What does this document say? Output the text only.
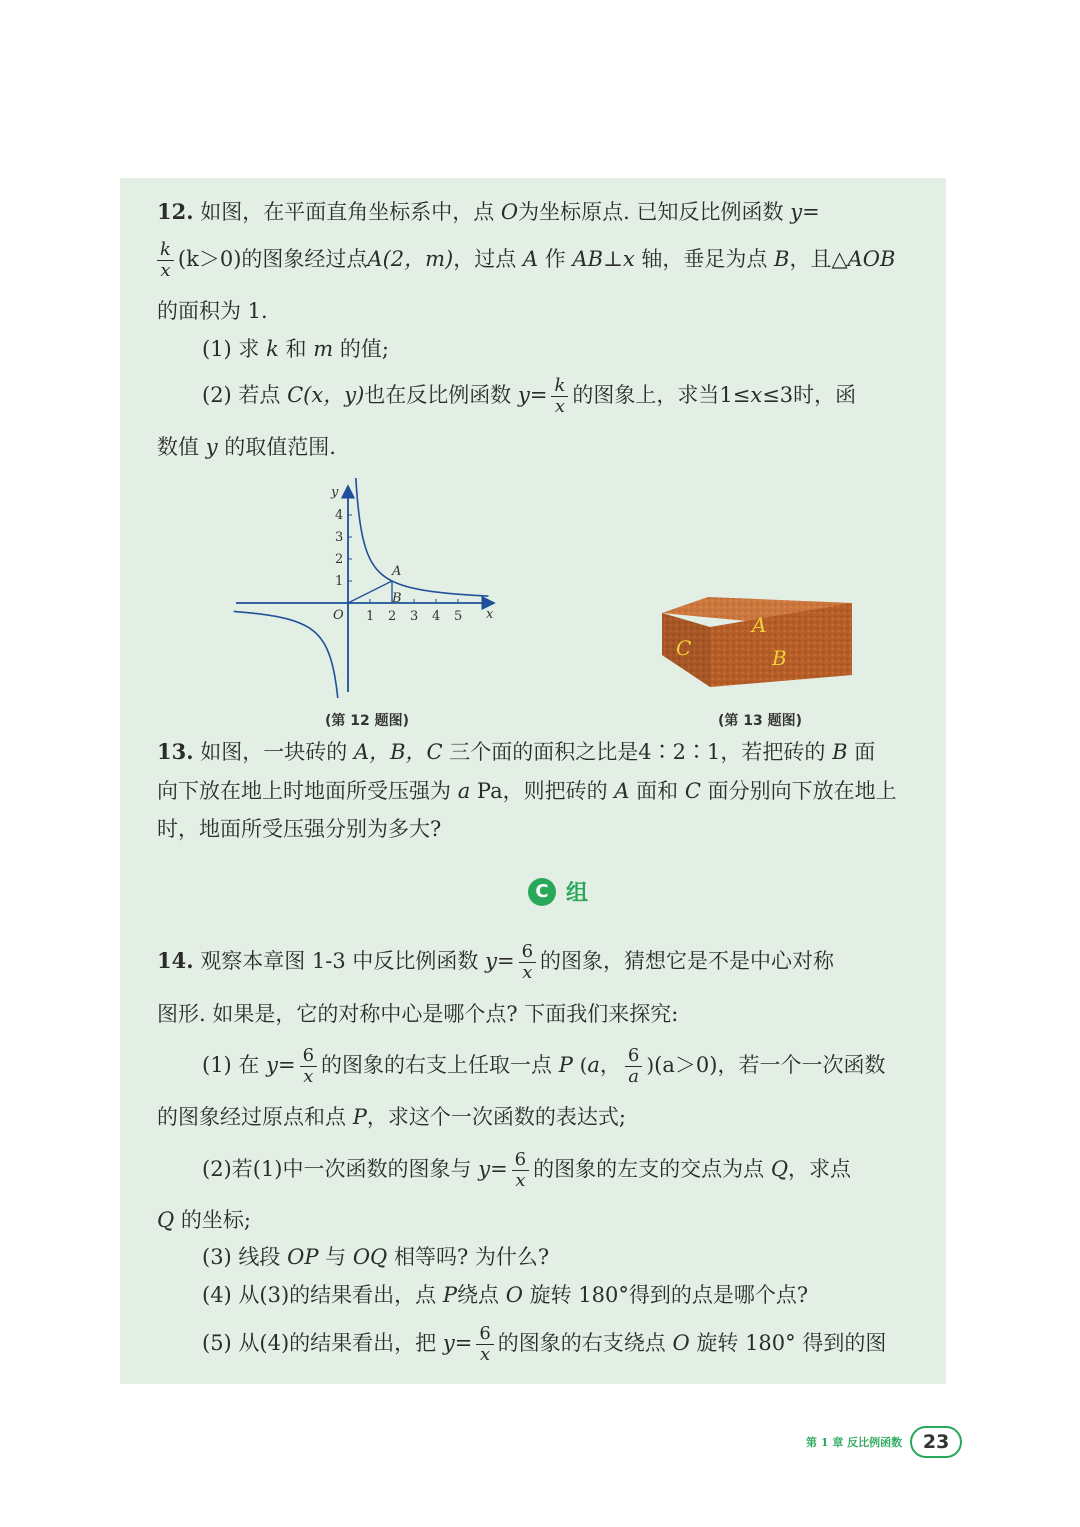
12. 如图，在平面直角坐标系中，点 O为坐标原点. 已知反比例函数 y=
$\frac{k}{x} (k>0)$的图象经过点A(2，m)，过点 A 作 AB⊥x 轴，垂足为点 B，且△AOB
的面积为 1.
(1) 求 k 和 m 的值;
(2) 若点 C(x，y)也在反比例函数 $y= \frac{k}{x}$ 的图象上，求当1≤x≤3时，函
数值 y 的取值范围.
y
x
O
4
3
2
1
1 2 3 4 5
A
B
(第 12 题图)
A
B
C
(第 13 题图)
13. 如图，一块砖的 A，B，C 三个面的面积之比是4∶2∶1，若把砖的 B 面
向下放在地上时地面所受压强为 a Pa，则把砖的 A 面和 C 面分别向下放在地上
时，地面所受压强分别为多大?
C 组
14. 观察本章图 1-3 中反比例函数 $y= \frac{6}{x}$ 的图象，猜想它是不是中心对称
图形. 如果是，它的对称中心是哪个点? 下面我们来探究:
(1) 在 $y= \frac{6}{x}$ 的图象的右支上任取一点 P (a， $\frac{6}{a} )(a>0)$，若一个一次函数
的图象经过原点和点 P，求这个一次函数的表达式;
(2)若(1)中一次函数的图象与 $y= \frac{6}{x}$ 的图象的左支的交点为点 Q，求点
Q 的坐标;
(3) 线段 OP 与 OQ 相等吗? 为什么?
(4) 从(3)的结果看出，点 P绕点 O 旋转 180°得到的点是哪个点?
(5) 从(4)的结果看出，把 $y= \frac{6}{x}$ 的图象的右支绕点 O 旋转 180° 得到的图
第 1 章 反比例函数	23
